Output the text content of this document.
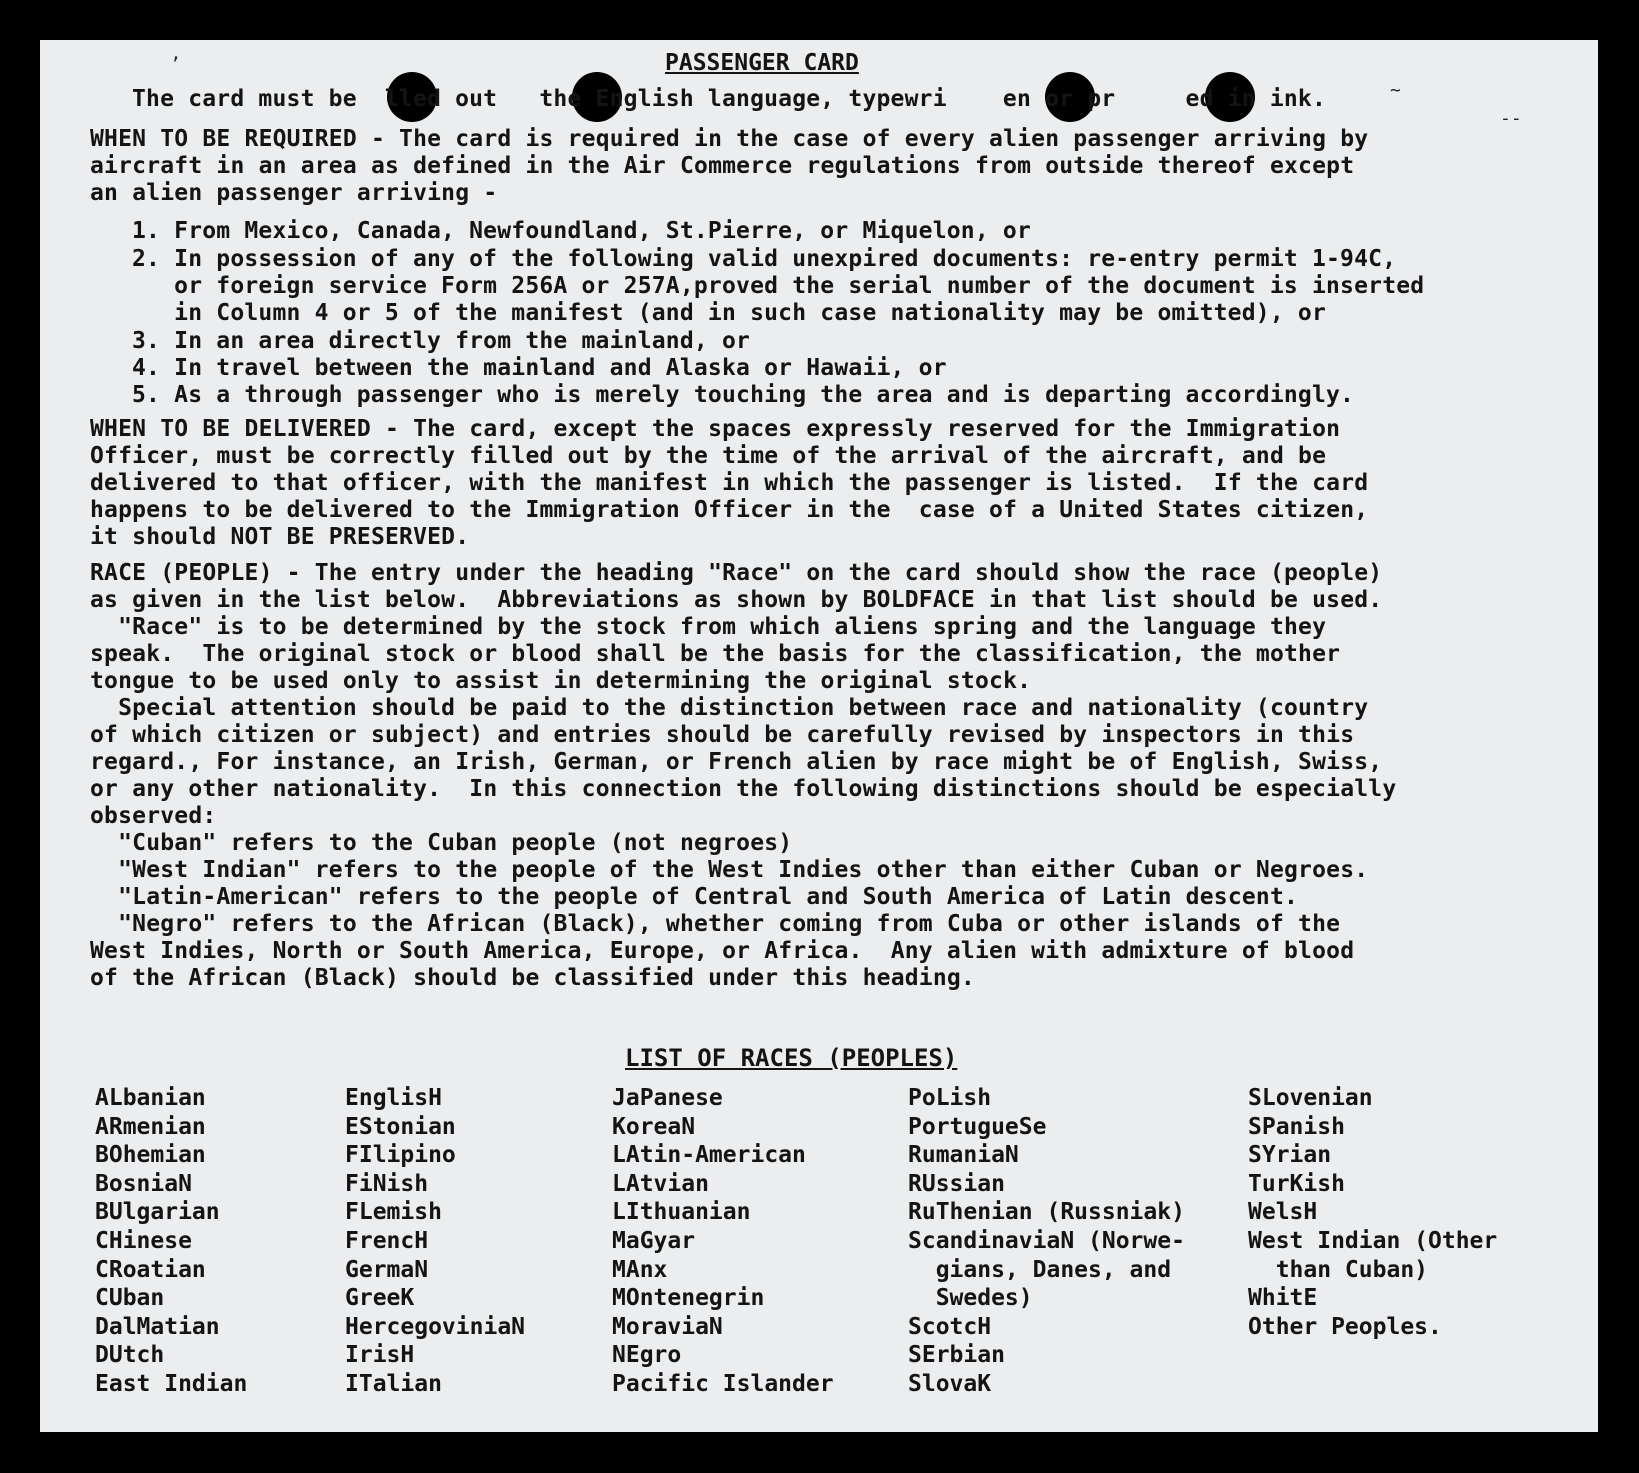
ʼ
~
‑‑
PASSENGER CARD
The card must be  lled out   the English language, typewri    en or pr     ed in ink.
WHEN TO BE REQUIRED - The card is required in the case of every alien passenger arriving by
aircraft in an area as defined in the Air Commerce regulations from outside thereof except
an alien passenger arriving -
1. From Mexico, Canada, Newfoundland, St.Pierre, or Miquelon, or
2. In possession of any of the following valid unexpired documents: re-entry permit 1-94C,
or foreign service Form 256A or 257A,proved the serial number of the document is inserted
in Column 4 or 5 of the manifest (and in such case nationality may be omitted), or
3. In an area directly from the mainland, or
4. In travel between the mainland and Alaska or Hawaii, or
5. As a through passenger who is merely touching the area and is departing accordingly.
WHEN TO BE DELIVERED - The card, except the spaces expressly reserved for the Immigration
Officer, must be correctly filled out by the time of the arrival of the aircraft, and be
delivered to that officer, with the manifest in which the passenger is listed.  If the card
happens to be delivered to the Immigration Officer in the  case of a United States citizen,
it should NOT BE PRESERVED.
RACE (PEOPLE) - The entry under the heading "Race" on the card should show the race (people)
as given in the list below.  Abbreviations as shown by BOLDFACE in that list should be used.
"Race" is to be determined by the stock from which aliens spring and the language they
speak.  The original stock or blood shall be the basis for the classification, the mother
tongue to be used only to assist in determining the original stock.
Special attention should be paid to the distinction between race and nationality (country
of which citizen or subject) and entries should be carefully revised by inspectors in this
regard., For instance, an Irish, German, or French alien by race might be of English, Swiss,
or any other nationality.  In this connection the following distinctions should be especially
observed:
"Cuban" refers to the Cuban people (not negroes)
"West Indian" refers to the people of the West Indies other than either Cuban or Negroes.
"Latin-American" refers to the people of Central and South America of Latin descent.
"Negro" refers to the African (Black), whether coming from Cuba or other islands of the
West Indies, North or South America, Europe, or Africa.  Any alien with admixture of blood
of the African (Black) should be classified under this heading.
LIST OF RACES (PEOPLES)
ALbanian
ARmenian
BOhemian
BosniaN
BUlgarian
CHinese
CRoatian
CUban
DalMatian
DUtch
East Indian
EnglisH
EStonian
FIlipino
FiNish
FLemish
FrencH
GermaN
GreeK
HercegoviniaN
IrisH
ITalian
JaPanese
KoreaN
LAtin-American
LAtvian
LIthuanian
MaGyar
MAnx
MOntenegrin
MoraviaN
NEgro
Pacific Islander
PoLish
PortugueSe
RumaniaN
RUssian
RuThenian (Russniak)
ScandinaviaN (Norwe-
gians, Danes, and
Swedes)
ScotcH
SErbian
SlovaK
SLovenian
SPanish
SYrian
TurKish
WelsH
West Indian (Other
than Cuban)
WhitE
Other Peoples.
